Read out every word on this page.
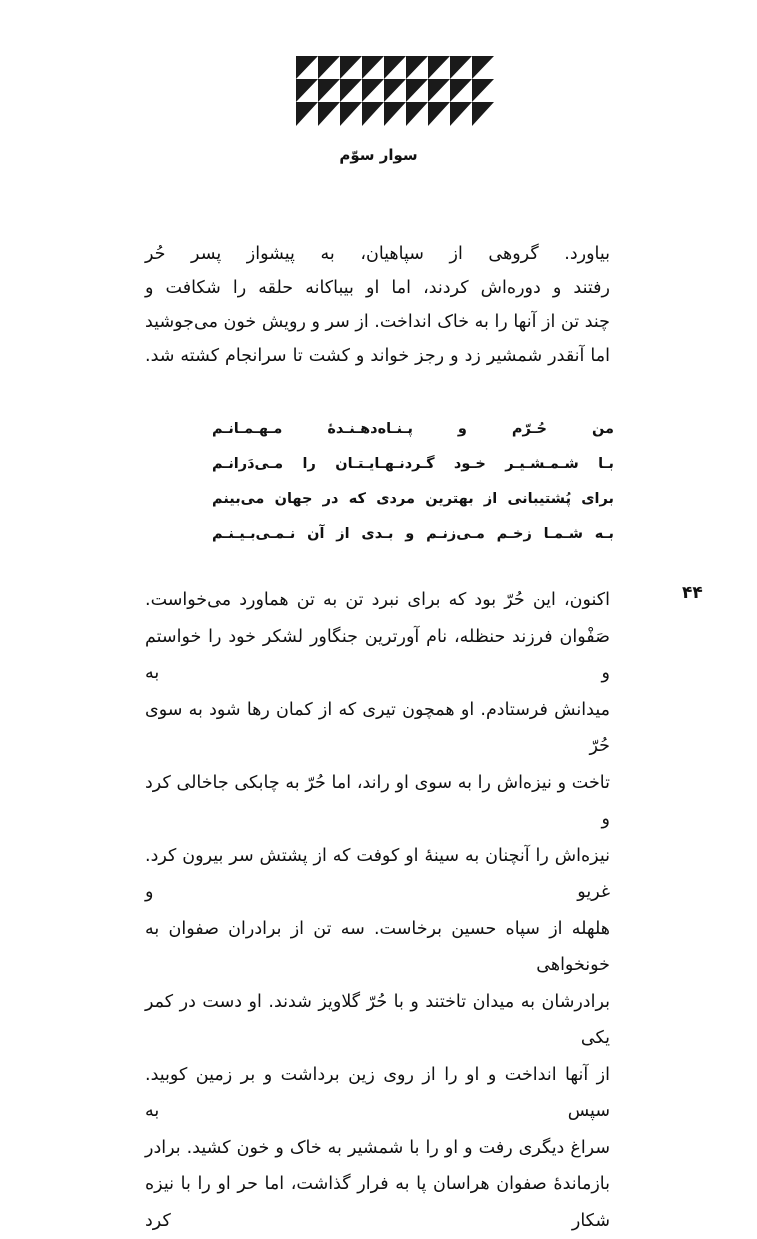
سوار سوّم

بیاورد. گروهی از سپاهیان، به پیشواز پسر حُر
رفتند و دوره‌اش کردند، اما او بیباکانه حلقه را شکافت و
چند تن از آنها را به خاک انداخت. از سر و رویش خون می‌جوشید
اما آنقدر شمشیر زد و رجز خواند و کشت تا سرانجام کشته شد.

من حُـرّم و پـنـاه‌دهـنـدهٔ مـهـمـانـم
بـا شـمـشـیـر خـود گـردنـهـایـتـان را مـی‌دَرانـم
برای پُشتیبانی از بهترین مردی که در جهان می‌بینم
بـه شـمـا زخـم مـی‌زنـم و بـدی از آن نـمـی‌بـیـنـم
۴۴

اکنون، این حُرّ بود که برای نبرد تن به تن هماورد می‌خواست.
صَفْوان فرزند حنظله، نام آورترین جنگاور لشکر خود را خواستم و به
میدانش فرستادم. او همچون تیری که از کمان رها شود به سوی حُرّ
تاخت و نیزه‌اش را به سوی او راند، اما حُرّ به چابکی جاخالی کرد و
نیزه‌اش را آنچنان به سینهٔ او کوفت که از پشتش سر بیرون کرد. غریو و
هلهله از سپاه حسین برخاست. سه تن از برادران صفوان به خونخواهی
برادرشان به میدان تاختند و با حُرّ گلاویز شدند. او دست در کمر یکی
از آنها انداخت و او را از روی زین برداشت و بر زمین کوبید. سپس به
سراغ دیگری رفت و او را با شمشیر به خاک و خون کشید. برادر
بازماندهٔ صفوان هراسان پا به فرار گذاشت، اما حر او را با نیزه شکار کرد
